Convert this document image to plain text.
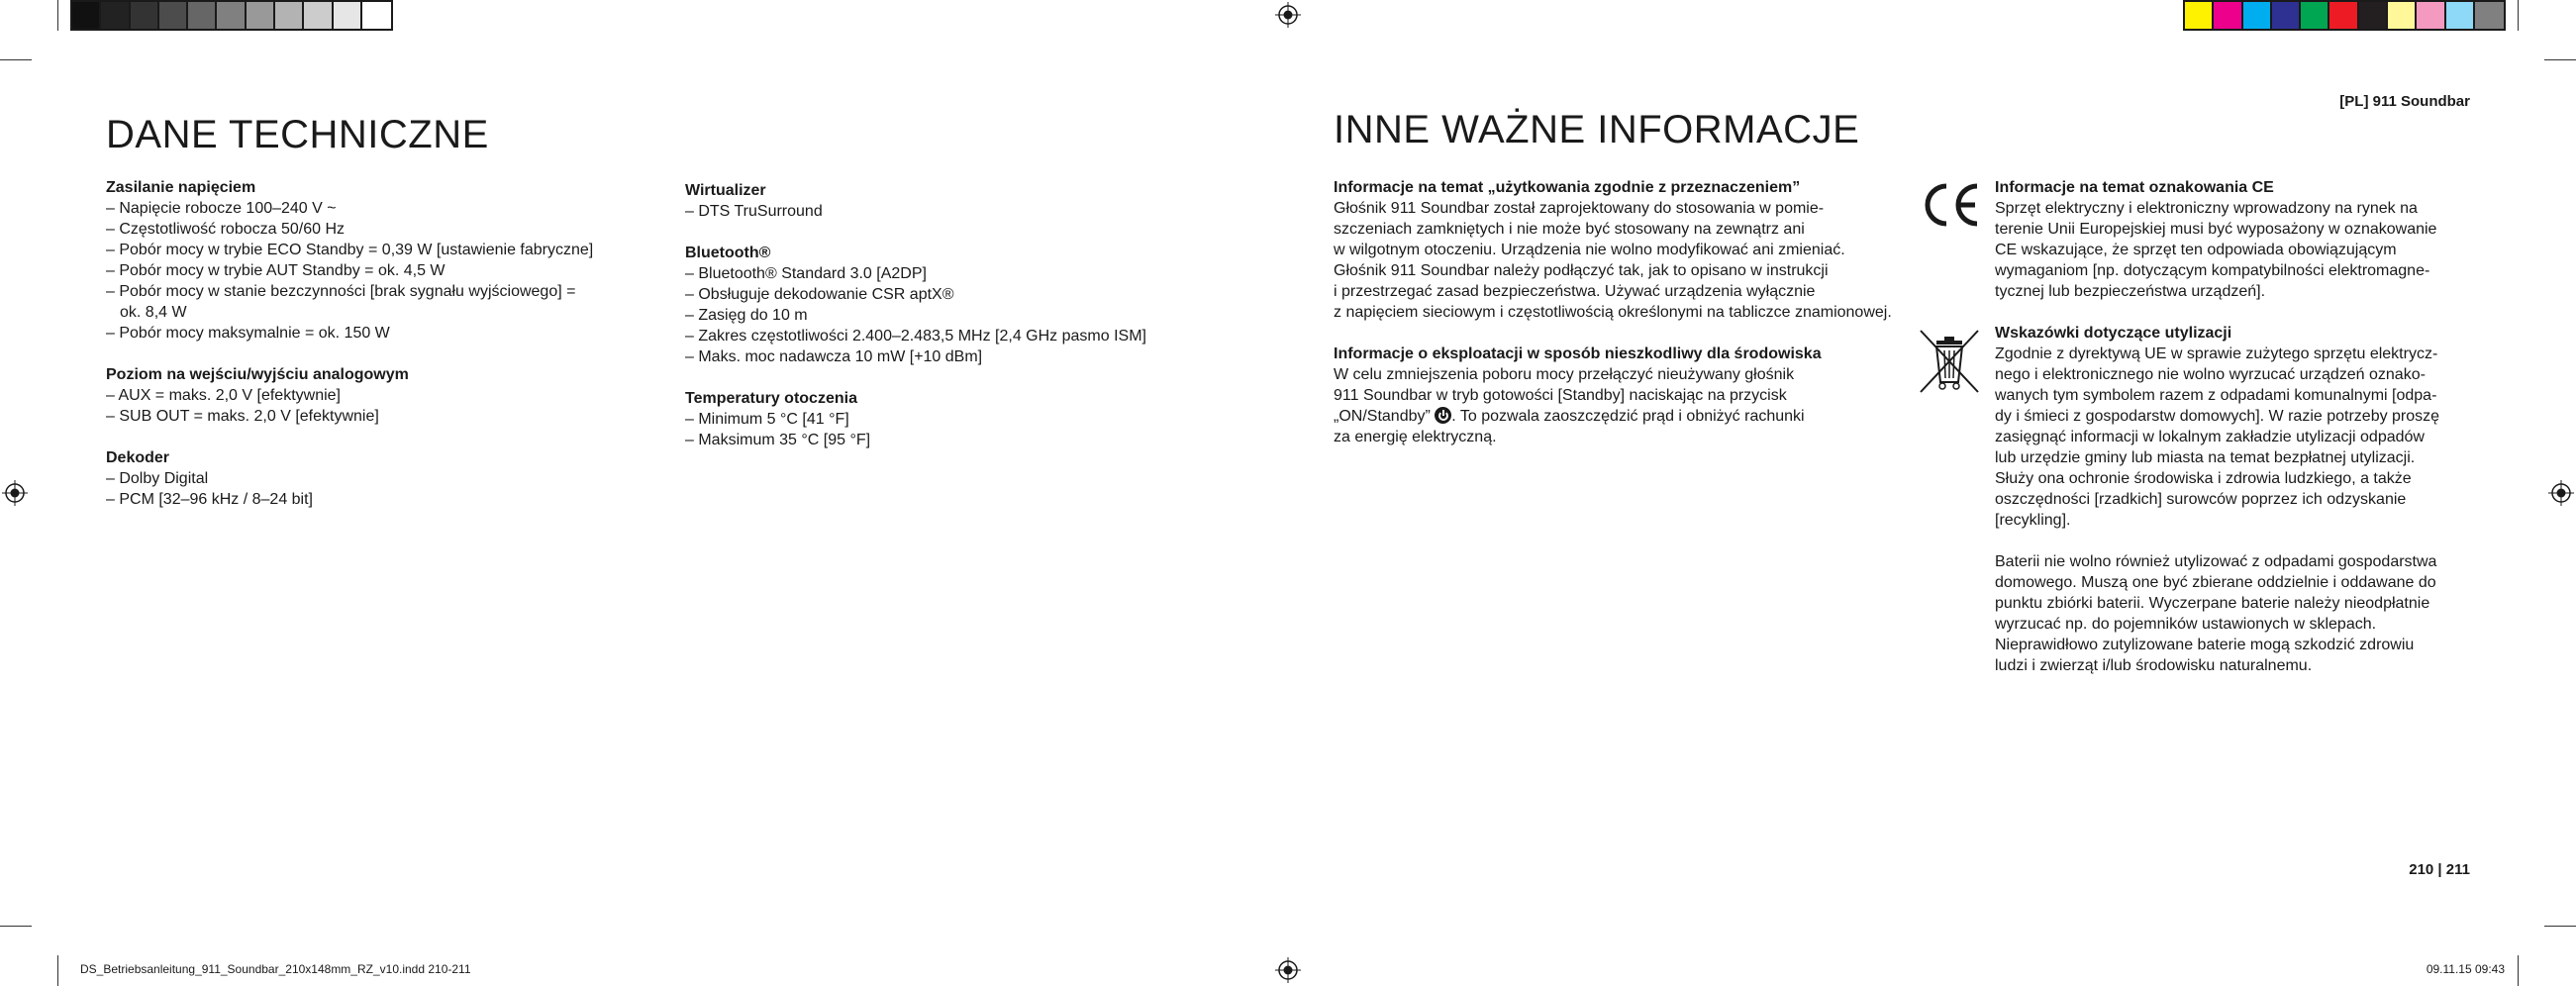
[PL] 911 Soundbar
DANE TECHNICZNE
Zasilanie napięciem
– Napięcie robocze 100–240 V ~
– Częstotliwość robocza 50/60 Hz
– Pobór mocy w trybie ECO Standby = 0,39 W [ustawienie fabryczne]
– Pobór mocy w trybie AUT Standby = ok. 4,5 W
– Pobór mocy w stanie bezczynności [brak sygnału wyjściowego] =
ok. 8,4 W
– Pobór mocy maksymalnie = ok. 150 W
Poziom na wejściu/wyjściu analogowym
– AUX = maks. 2,0 V [efektywnie]
– SUB OUT = maks. 2,0 V [efektywnie]
Dekoder
– Dolby Digital
– PCM [32–96 kHz / 8–24 bit]
Wirtualizer
– DTS TruSurround
Bluetooth®
– Bluetooth® Standard 3.0 [A2DP]
– Obsługuje dekodowanie CSR aptX®
– Zasięg do 10 m
– Zakres częstotliwości 2.400–2.483,5 MHz [2,4 GHz pasmo ISM]
– Maks. moc nadawcza 10 mW [+10 dBm]
Temperatury otoczenia
– Minimum 5 °C [41 °F]
– Maksimum 35 °C [95 °F]
INNE WAŻNE INFORMACJE
Informacje na temat „użytkowania zgodnie z przeznaczeniem”
Głośnik 911 Soundbar został zaprojektowany do stosowania w pomie-
szczeniach zamkniętych i nie może być stosowany na zewnątrz ani
w wilgotnym otoczeniu. Urządzenia nie wolno modyfikować ani zmieniać.
Głośnik 911 Soundbar należy podłączyć tak, jak to opisano w instrukcji
i przestrzegać zasad bezpieczeństwa. Używać urządzenia wyłącznie
z napięciem sieciowym i częstotliwością określonymi na tabliczce znamionowej.
Informacje o eksploatacji w sposób nieszkodliwy dla środowiska
W celu zmniejszenia poboru mocy przełączyć nieużywany głośnik
911 Soundbar w tryb gotowości [Standby] naciskając na przycisk
„ON/Standby” . To pozwala zaoszczędzić prąd i obniżyć rachunki
za energię elektryczną.
Informacje na temat oznakowania CE
Sprzęt elektryczny i elektroniczny wprowadzony na rynek na
terenie Unii Europejskiej musi być wyposażony w oznakowanie
CE wskazujące, że sprzęt ten odpowiada obowiązującym
wymaganiom [np. dotyczącym kompatybilności elektromagne-
tycznej lub bezpieczeństwa urządzeń].
Wskazówki dotyczące utylizacji
Zgodnie z dyrektywą UE w sprawie zużytego sprzętu elektrycz-
nego i elektronicznego nie wolno wyrzucać urządzeń oznako-
wanych tym symbolem razem z odpadami komunalnymi [odpa-
dy i śmieci z gospodarstw domowych]. W razie potrzeby proszę
zasięgnąć informacji w lokalnym zakładzie utylizacji odpadów
lub urzędzie gminy lub miasta na temat bezpłatnej utylizacji.
Służy ona ochronie środowiska i zdrowia ludzkiego, a także
oszczędności [rzadkich] surowców poprzez ich odzyskanie
[recykling].
Baterii nie wolno również utylizować z odpadami gospodarstwa
domowego. Muszą one być zbierane oddzielnie i oddawane do
punktu zbiórki baterii. Wyczerpane baterie należy nieodpłatnie
wyrzucać np. do pojemników ustawionych w sklepach.
Nieprawidłowo zutylizowane baterie mogą szkodzić zdrowiu
ludzi i zwierząt i/lub środowisku naturalnemu.
210 | 211
DS_Betriebsanleitung_911_Soundbar_210x148mm_RZ_v10.indd 210-211	09.11.15 09:43
